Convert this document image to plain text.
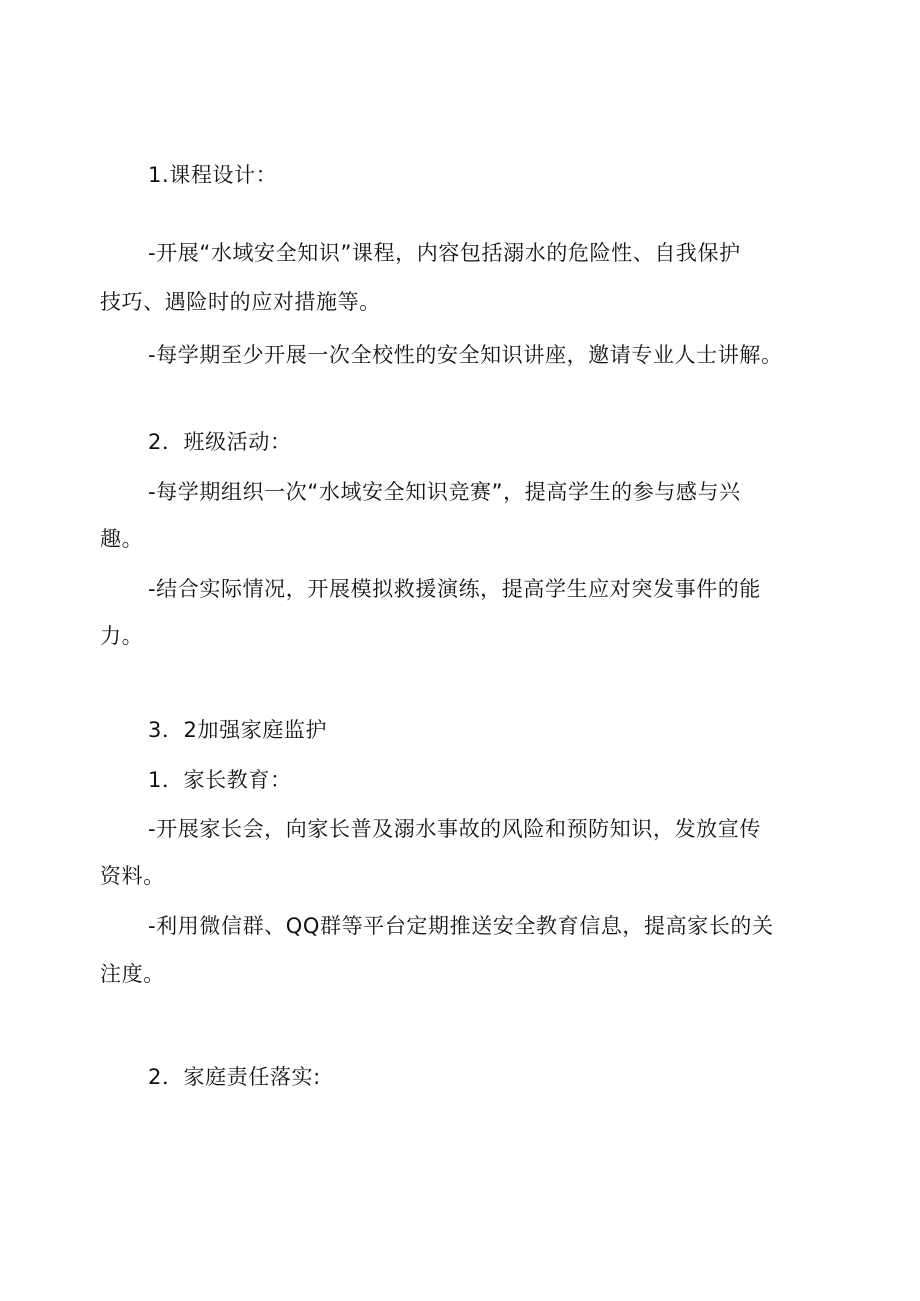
1.课程设计：
-开展“水域安全知识”课程，内容包括溺水的危险性、自我保护
技巧、遇险时的应对措施等。
-每学期至少开展一次全校性的安全知识讲座，邀请专业人士讲解。
2．班级活动：
-每学期组织一次“水域安全知识竞赛”，提高学生的参与感与兴
趣。
-结合实际情况，开展模拟救援演练，提高学生应对突发事件的能
力。
3．2加强家庭监护
1．家长教育：
-开展家长会，向家长普及溺水事故的风险和预防知识，发放宣传
资料。
-利用微信群、QQ群等平台定期推送安全教育信息，提高家长的关
注度。
2．家庭责任落实:
